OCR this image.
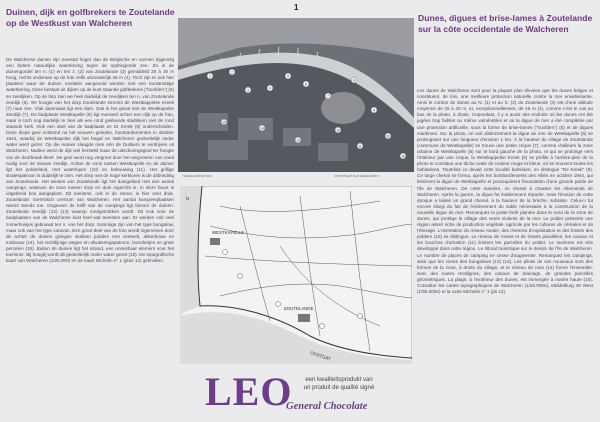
1
Duinen, dijk en golfbrekers te Zoutelande
op de Westkust van Walcheren
De Walcherse duinen zijn meestal hoger dan de Belgische en vormen bijgevolg een betere natuurlijke waterkering tegen de opdringende zee. Zo is de duinengordel ten n. (1) en ten z. (2) van Zoutelande (3) gemiddeld 25 à 30 m hoog, rechts onderaan op de foto zelfs uitzonderlijk 46 m (4). Toch zijn er ook hier plaatsen waar de duinen mooietin aangevuld werden met een kunstmatige waterkering. Deze bestaat uit dijken op de kust staande golfbrekers ("hoofden") (5) en zeedijken. Op de foto zien we heel duidelijk de zeedijken ten n. van Zoutelande zeedijk (6). Ter hoogte van het dorp Zoutelande stroomt de Westkappelse Kreek (7) naar zee. Vlak daarnaast ligt een dam. Ook is het geval met de Westkapelse Zeedijk (7). De badplaats Westkapelle (8) ligt evenwel achter een dijk op de foto, maar is toch nog duidelijk te zien als een rond gekleurde stadskern met de rond staande kerk. Ook een deel van de badplaats en Dr Kreek (9) onderscheiden. Deze diepe geul ontstond na het eeuwen geleden, bombardementen in oktober 1944, waarbij de Westkapelse dijk het begaf en Walcheren gedeeltelijk onder water werd gezet. Op die manier slaagde men erin de Duitsers te verdrijven uit Walcheren. Nadien werd de dijk wel hersteld maar de uitschuringsgeul ter hoogte van de doorbraak bleef. De geul werd nog vergroot door het wegvoeren van zand nodig voor de nieuwe zeedijk. Achter de zone tussen Westkapelle en de duinen ligt het polderland, met waterlopen (10) en bebouwing (11). Het grillige stratenpatroon is duidelijk te zien. Het dorp met de hoge kerktoren is de uitbreiding van Zoutelande. Het westen van Zoutelande ligt het duingebied met een aantal campings, waarvan de zone tussen dorp en duin ingericht is. In deze buurt is uitgebreid bos aangeplant. Dit toerisme, ook in de zomer, is hier zeer druk. Zoutelande: toeristisch centrum van Walcheren. Het aantal kampeerplaatsen neemt steeds toe. Ongeveer de helft van de campings ligt binnen de duinen: Zoutelande zeedijk (12) (13) waarop rondgetrokken wordt. Dit trok voor de badplaatsen van de Walcherse kust heel wat toeristen aan. Er werden ook veel zomerhuisjes gebouwd ten n. van het dorp. Sommige zijn van het type bungalow, maar ook van het type caravan. Een groot deel van de foto wordt ingenomen door de achter de duinen gelegen stukken polders met veeteelt, akkerbouw en tuinbouw (14), het rechtlijnige wegen en afwateringspatroon, boerderijen en grote percelen (15). Buiten de duinen ligt het strand, een onmisbaar element voor het toerisme. Bij hoogtij wordt dit gedeeltelijk onder water gezet (16). De topografische kaart van Walcheren (1/25.000) en de kaart Michelin n° 1 (plan 12) gebruiken.
1
2
3	4
5
6
7
8
9
10
11
12
13
14
15
16
TOWER AIRPHOTOS	COPYRIGHT: KLM AEROCARTO
WESTKAPELLE
ZOUTELANDE
OOSTGAT
N
Dunes, digues et brise-lames à Zoutelande
sur la côte occidentale de Walcheren
Les dunes de Walcheren sont pour la plupart plus élevées que les dunes belges et constituent, de loin, une meilleure protection naturelle contre la mer envahissante. Ainsi le cordon de dunes au N. (1) et au S. (2) de Zoutelande (3) est d'une altitude moyenne de 25 à 30 m, et, exceptionnellement, de 46 m (4), comme c'est le cas au bas de la photo, à droite. Cependant, il y a aussi des endroits où les dunes ont été jugées trop faibles ou même vulnérables et où la digue de mer a été complétée par une protection artificielle, sous la forme de brise-lames ("hoofden") (5) et de digues maritimes. Sur la photo, on voit distinctement la digue de mer de Westkapelle (6) se prolongeant sur une longueur d'environ 1 km. À la hauteur du village de Zoutelande (commune de Westkapelle) se trouve une petite crique (7), comme d'ailleurs la zone urbaine de Westkapelle (8) sur le bord gauche de la photo, et qui se prolonge vers l'intérieur par une crique, la Westkappelse Kreek (9) se profile à l'arrière-plan de la photo et constitue une tâche ovale de couleur rouge et bleue, où se trouvent toutes les habitations. Toutefois ce devait cette localité balnéaire, on distingue "De Kreek" (9). Ce large chenal se forma, après les bombardements des Alliés en octobre 1944, qui brisèrent la digue de Westkapelle et provoquèrent l'inondation d'une grande partie de l'île de Walcheren. De cette manière, on réussit à chasser les Allemands de Walcheren. Après la guerre, la digue fut évidemment réparée, mais l'érosion de cette époque a laissé un grand chenal, à la hauteur de la brèche, subsiste. Celui-ci fut encore élargi du fait de l'enlèvement du sable nécessaire à la construction de la nouvelle digue de mer. Remarquez la petite forêt plantée dans le nord de la zone de dunes, qui protège le village des vents violents de la mer. Le polder présente une région assez riche de production végétale, agricole par les cultures de céréales et de l'élevage. L'orientation du réseau routier, des chemins d'exploitation et des fossés des polders (10) se distingue. Le réseau de routes et de fossés parallèles, les canaux et les bouches d'aération (11) limitent les parcelles du polder. Le tourisme est très développé dans cette région. Le littoral touristique sur le dessin de l'île de Walcheren. Le nombre de places de camping ne cesse d'augmenter. Remarquez les campings, ainsi que les zones des bungalows (12) (13). Les pilotis de ces nouveaux sont des formes de la zone, à droite du village, et le réseau de rues (14) forme l'ensemble, avec des routes rectilignes, des canaux de drainage, de grandes parcelles géométriques. La plage, à l'extérieur des dunes, est immergée à marée haute (16). Consulter les cartes topographiques de Walcheren (1/25.000e), Middelburg 48 West (1/50.000e) et la carte Michelin n° 1 (pli 12).
LEO	een kwaliteitsprodukt van
un produit de qualité signé
General Chocolate
